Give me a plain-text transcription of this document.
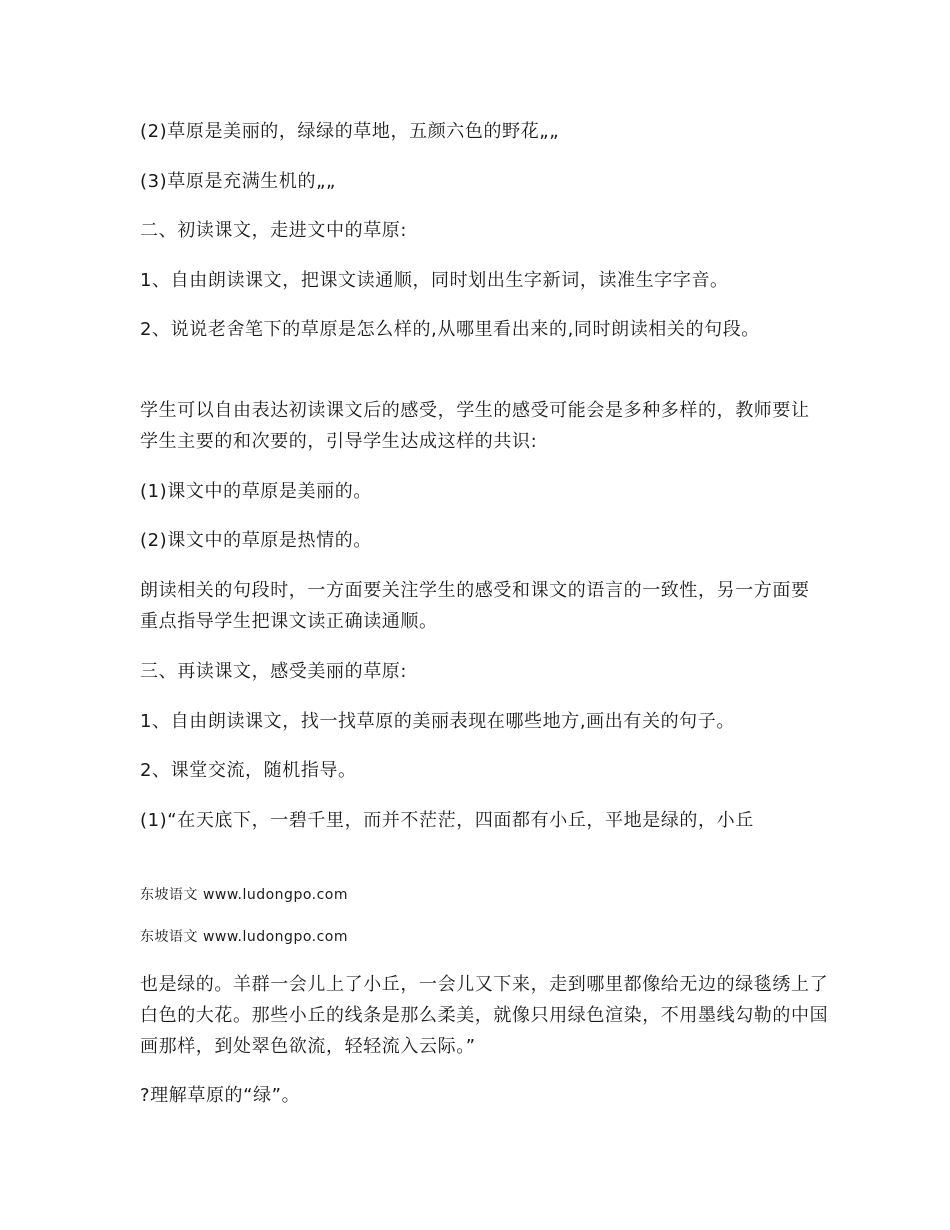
(2)草原是美丽的，绿绿的草地，五颜六色的野花„„
(3)草原是充满生机的„„
二、初读课文，走进文中的草原:
1、自由朗读课文，把课文读通顺，同时划出生字新词，读准生字字音。
2、说说老舍笔下的草原是怎么样的,从哪里看出来的,同时朗读相关的句段。
学生可以自由表达初读课文后的感受，学生的感受可能会是多种多样的，教师要让学生主要的和次要的，引导学生达成这样的共识:
(1)课文中的草原是美丽的。
(2)课文中的草原是热情的。
朗读相关的句段时，一方面要关注学生的感受和课文的语言的一致性，另一方面要重点指导学生把课文读正确读通顺。
三、再读课文，感受美丽的草原:
1、自由朗读课文，找一找草原的美丽表现在哪些地方,画出有关的句子。
2、课堂交流，随机指导。
(1)“在天底下，一碧千里，而并不茫茫，四面都有小丘，平地是绿的，小丘
东坡语文 www.ludongpo.com
东坡语文 www.ludongpo.com
也是绿的。羊群一会儿上了小丘，一会儿又下来，走到哪里都像给无边的绿毯绣上了白色的大花。那些小丘的线条是那么柔美，就像只用绿色渲染，不用墨线勾勒的中国画那样，到处翠色欲流，轻轻流入云际。”
?理解草原的“绿”。
